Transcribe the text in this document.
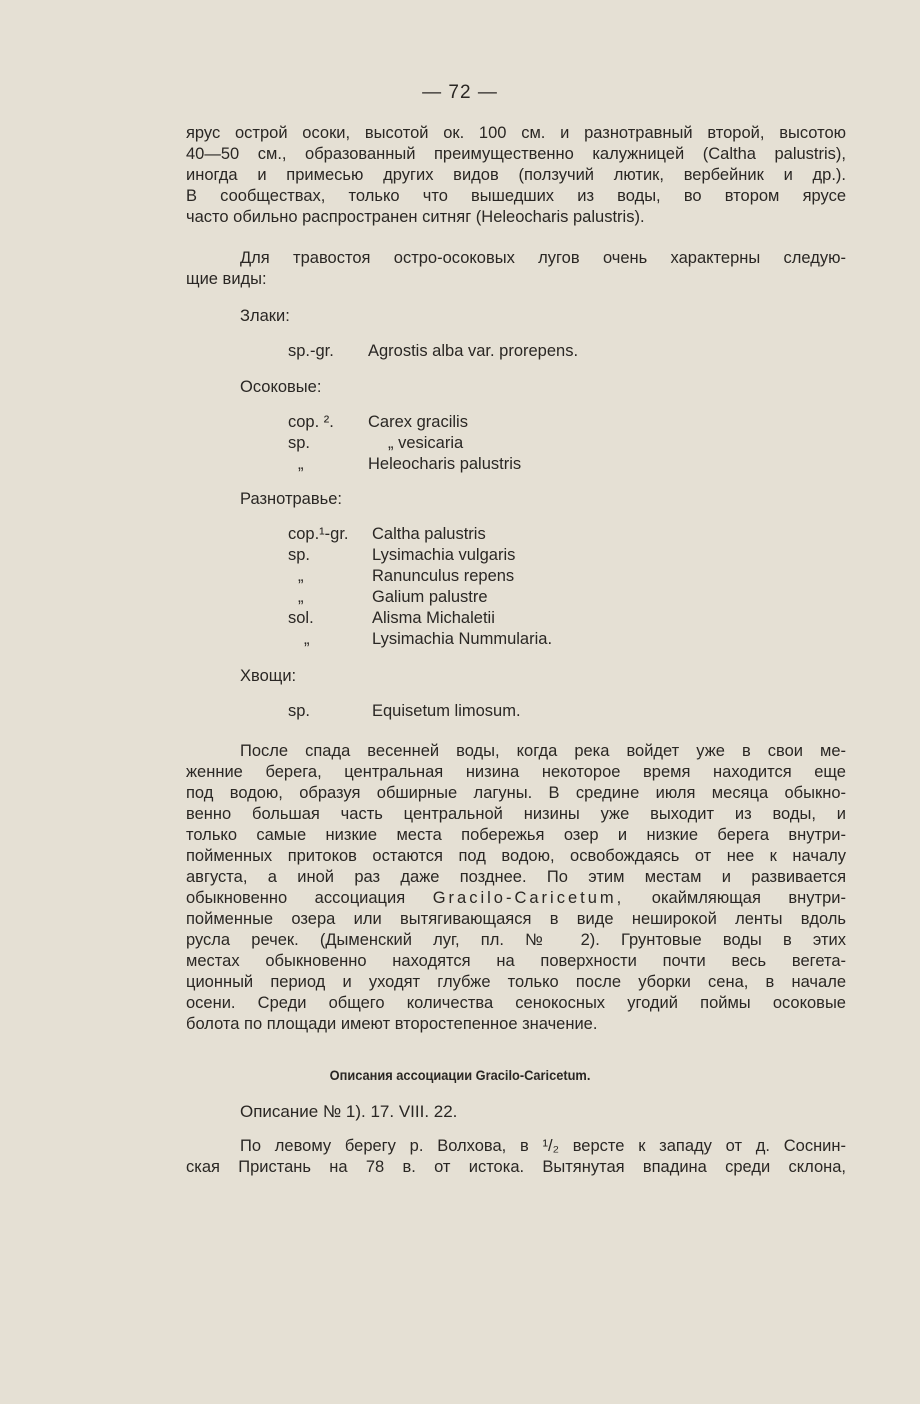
— 72 —
ярус острой осоки, высотой ок. 100 см. и разнотравный второй, высотою
40—50 см., образованный преимущественно калужницей (Caltha palustris),
иногда и примесью других видов (ползучий лютик, вербейник и др.).
В сообществах, только что вышедших из воды, во втором ярусе
часто обильно распространен ситняг (Heleocharis palustris).
Для травостоя остро-осоковых лугов очень характерны следую-
щие виды:
Злаки:
sp.-gr.	Agrostis alba var. prorepens.
Осоковые:
cop. ².	Carex gracilis
sp.	„ vesicaria
„	Heleocharis palustris
Разнотравье:
cop.¹-gr.	Caltha palustris
sp.	Lysimachia vulgaris
„	Ranunculus repens
„	Galium palustre
sol.	Alisma Michaletii
„	Lysimachia Nummularia.
Хвощи:
sp.	Equisetum limosum.
После спада весенней воды, когда река войдет уже в свои ме-
женние берега, центральная низина некоторое время находится еще
под водою, образуя обширные лагуны. В средине июля месяца обыкно-
венно большая часть центральной низины уже выходит из воды, и
только самые низкие места побережья озер и низкие берега внутри-
пойменных притоков остаются под водою, освобождаясь от нее к началу
августа, а иной раз даже позднее. По этим местам и развивается
обыкновенно ассоциация Gracilo-Caricetum, окаймляющая внутри-
пойменные озера или вытягивающаяся в виде неширокой ленты вдоль
русла речек. (Дыменский луг, пл. № 2). Грунтовые воды в этих
местах обыкновенно находятся на поверхности почти весь вегета-
ционный период и уходят глубже только после уборки сена, в начале
осени. Среди общего количества сенокосных угодий поймы осоковые
болота по площади имеют второстепенное значение.
Описания ассоциации Gracilo-Caricetum.
Описание № 1). 17. VIII. 22.
По левому берегу р. Волхова, в ¹/₂ версте к западу от д. Соснин-
ская Пристань на 78 в. от истока. Вытянутая впадина среди склона,
